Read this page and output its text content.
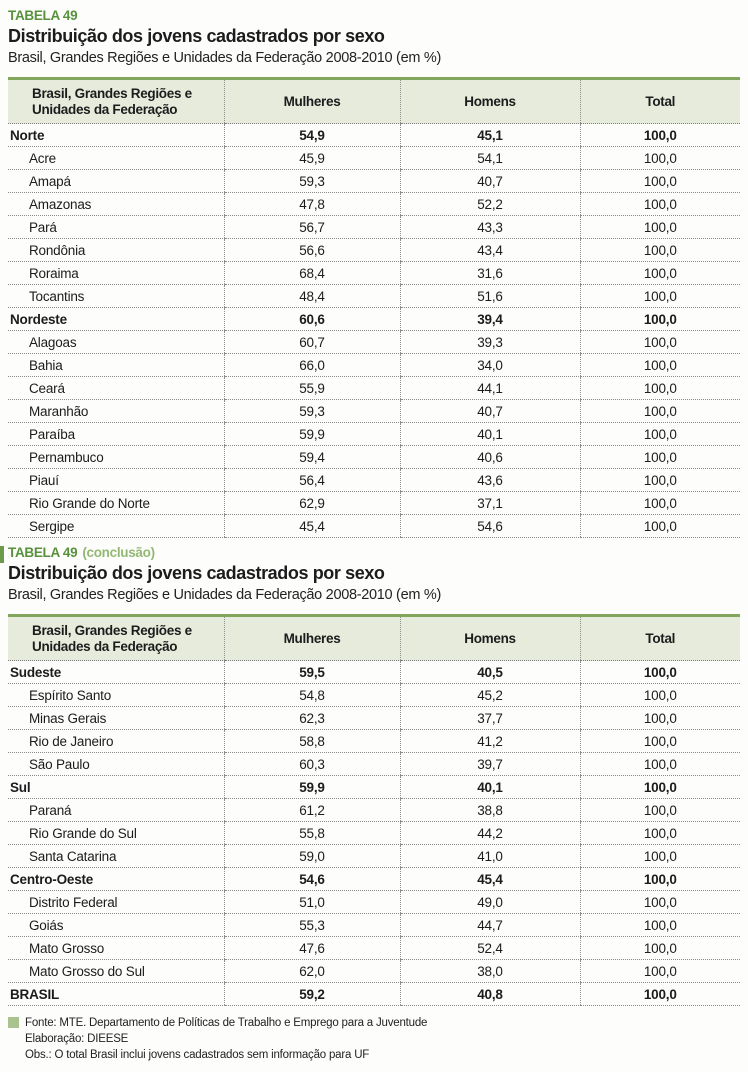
TABELA 49
Distribuição dos jovens cadastrados por sexo
Brasil, Grandes Regiões e Unidades da Federação 2008-2010 (em %)
Brasil, Grandes Regiões e Unidades da Federação	Mulheres	Homens	Total
Norte	54,9	45,1	100,0
Acre	45,9	54,1	100,0
Amapá	59,3	40,7	100,0
Amazonas	47,8	52,2	100,0
Pará	56,7	43,3	100,0
Rondônia	56,6	43,4	100,0
Roraima	68,4	31,6	100,0
Tocantins	48,4	51,6	100,0
Nordeste	60,6	39,4	100,0
Alagoas	60,7	39,3	100,0
Bahia	66,0	34,0	100,0
Ceará	55,9	44,1	100,0
Maranhão	59,3	40,7	100,0
Paraíba	59,9	40,1	100,0
Pernambuco	59,4	40,6	100,0
Piauí	56,4	43,6	100,0
Rio Grande do Norte	62,9	37,1	100,0
Sergipe	45,4	54,6	100,0
TABELA 49 (conclusão)
Distribuição dos jovens cadastrados por sexo
Brasil, Grandes Regiões e Unidades da Federação 2008-2010 (em %)
Brasil, Grandes Regiões e Unidades da Federação	Mulheres	Homens	Total
Sudeste	59,5	40,5	100,0
Espírito Santo	54,8	45,2	100,0
Minas Gerais	62,3	37,7	100,0
Rio de Janeiro	58,8	41,2	100,0
São Paulo	60,3	39,7	100,0
Sul	59,9	40,1	100,0
Paraná	61,2	38,8	100,0
Rio Grande do Sul	55,8	44,2	100,0
Santa Catarina	59,0	41,0	100,0
Centro-Oeste	54,6	45,4	100,0
Distrito Federal	51,0	49,0	100,0
Goiás	55,3	44,7	100,0
Mato Grosso	47,6	52,4	100,0
Mato Grosso do Sul	62,0	38,0	100,0
BRASIL	59,2	40,8	100,0
Fonte: MTE. Departamento de Políticas de Trabalho e Emprego para a Juventude
Elaboração: DIEESE
Obs.: O total Brasil inclui jovens cadastrados sem informação para UF
